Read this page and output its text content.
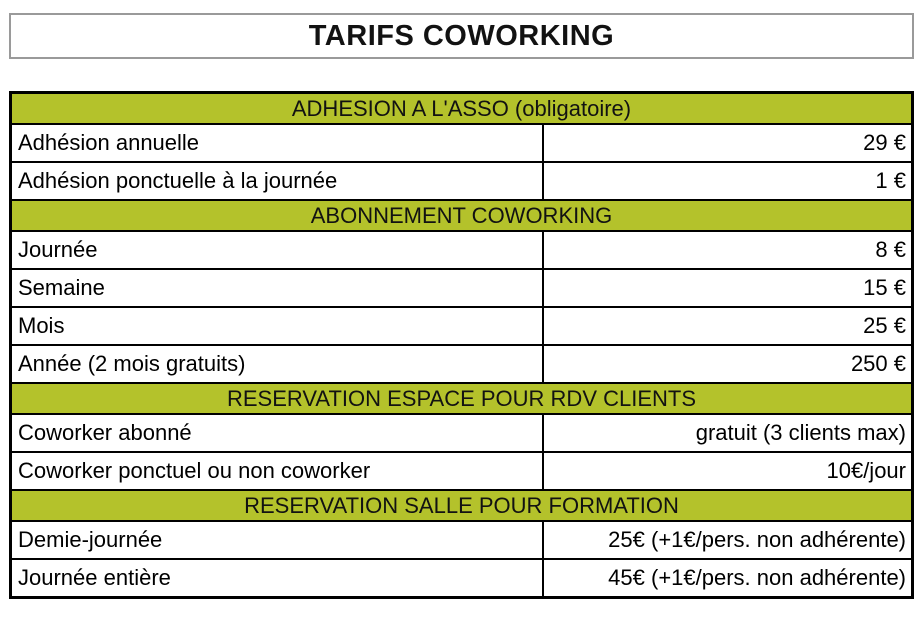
TARIFS COWORKING
ADHESION A L'ASSO (obligatoire)	
Adhésion annuelle	29 €
Adhésion ponctuelle à la journée	1 €
ABONNEMENT COWORKING	
Journée	8 €
Semaine	15 €
Mois	25 €
Année (2 mois gratuits)	250 €
RESERVATION ESPACE POUR RDV CLIENTS	
Coworker abonné	gratuit (3 clients max)
Coworker ponctuel ou non coworker	10€/jour
RESERVATION SALLE POUR FORMATION	
Demie-journée	25€ (+1€/pers. non adhérente)
Journée entière	45€ (+1€/pers. non adhérente)
